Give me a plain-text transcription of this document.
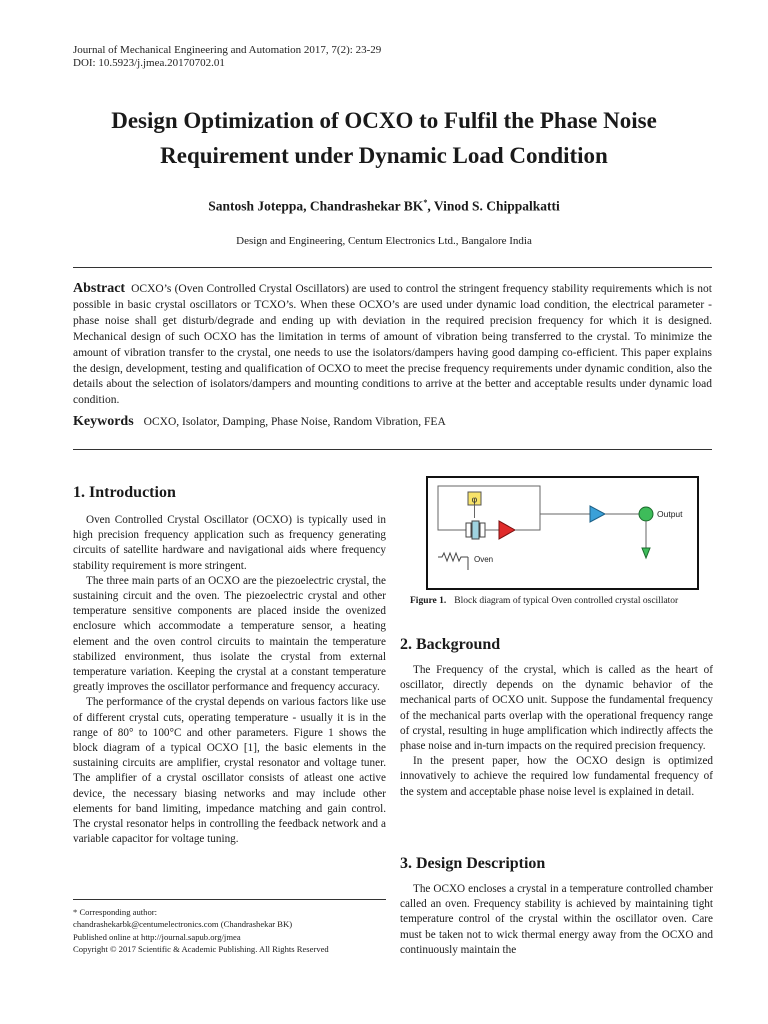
Journal of Mechanical Engineering and Automation 2017, 7(2): 23-29
DOI: 10.5923/j.jmea.20170702.01
Design Optimization of OCXO to Fulfil the Phase Noise
Requirement under Dynamic Load Condition
Santosh Joteppa, Chandrashekar BK*, Vinod S. Chippalkatti
Design and Engineering, Centum Electronics Ltd., Bangalore India
Abstract OCXO’s (Oven Controlled Crystal Oscillators) are used to control the stringent frequency stability requirements which is not possible in basic crystal oscillators or TCXO’s. When these OCXO’s are used under dynamic load condition, the electrical parameter - phase noise shall get disturb/degrade and ending up with deviation in the required precision frequency for which it is designed. Mechanical design of such OCXO has the limitation in terms of amount of vibration being transferred to the crystal. To minimize the amount of vibration transfer to the crystal, one needs to use the isolators/dampers having good damping co-efficient. This paper explains the design, development, testing and qualification of OCXO to meet the precise frequency requirements under dynamic condition, also the details about the selection of isolators/dampers and mounting conditions to arrive at the better and acceptable results under dynamic load condition.
Keywords OCXO, Isolator, Damping, Phase Noise, Random Vibration, FEA
1. Introduction

Oven Controlled Crystal Oscillator (OCXO) is typically used in high precision frequency application such as frequency generating circuits of satellite hardware and navigational aids where frequency stability requirement is more stringent.

The three main parts of an OCXO are the piezoelectric crystal, the sustaining circuit and the oven. The piezoelectric crystal and other temperature sensitive components are placed inside the ovenized enclosure which accommodate a temperature sensor, a heating element and the oven control circuits to maintain the temperature stabilized environment, thus isolate the crystal from external temperature variation. Keeping the crystal at a constant temperature greatly improves the oscillator performance and frequency accuracy.

The performance of the crystal depends on various factors like use of different crystal cuts, operating temperature - usually it is in the range of 80° to 100°C and other parameters. Figure 1 shows the block diagram of a typical OCXO [1], the basic elements in the sustaining circuits are amplifier, crystal resonator and voltage tuner. The amplifier of a crystal oscillator consists of atleast one active device, the necessary biasing networks and may include other elements for band limiting, impedance matching and gain control. The crystal resonator helps in controlling the feedback network and a variable capacitor for voltage tuning.

* Corresponding author:
chandrashekarbk@centumelectronics.com (Chandrashekar BK)
Published online at http://journal.sapub.org/jmea
Copyright © 2017 Scientific & Academic Publishing. All Rights Reserved
φ
Output
Oven
Figure 1. Block diagram of typical Oven controlled crystal oscillator
2. Background

The Frequency of the crystal, which is called as the heart of oscillator, directly depends on the dynamic behavior of the mechanical parts of OCXO unit. Suppose the fundamental frequency of the mechanical parts overlap with the operational frequency range of crystal, resulting in huge amplification which indirectly affects the phase noise and in-turn impacts on the required precision frequency.

In the present paper, how the OCXO design is optimized innovatively to achieve the required low fundamental frequency of the system and acceptable phase noise level is explained in detail.

3. Design Description

The OCXO encloses a crystal in a temperature controlled chamber called an oven. Frequency stability is achieved by maintaining tight temperature control of the crystal within the oscillator oven. Care must be taken not to wick thermal energy away from the OCXO and continuously maintain the
